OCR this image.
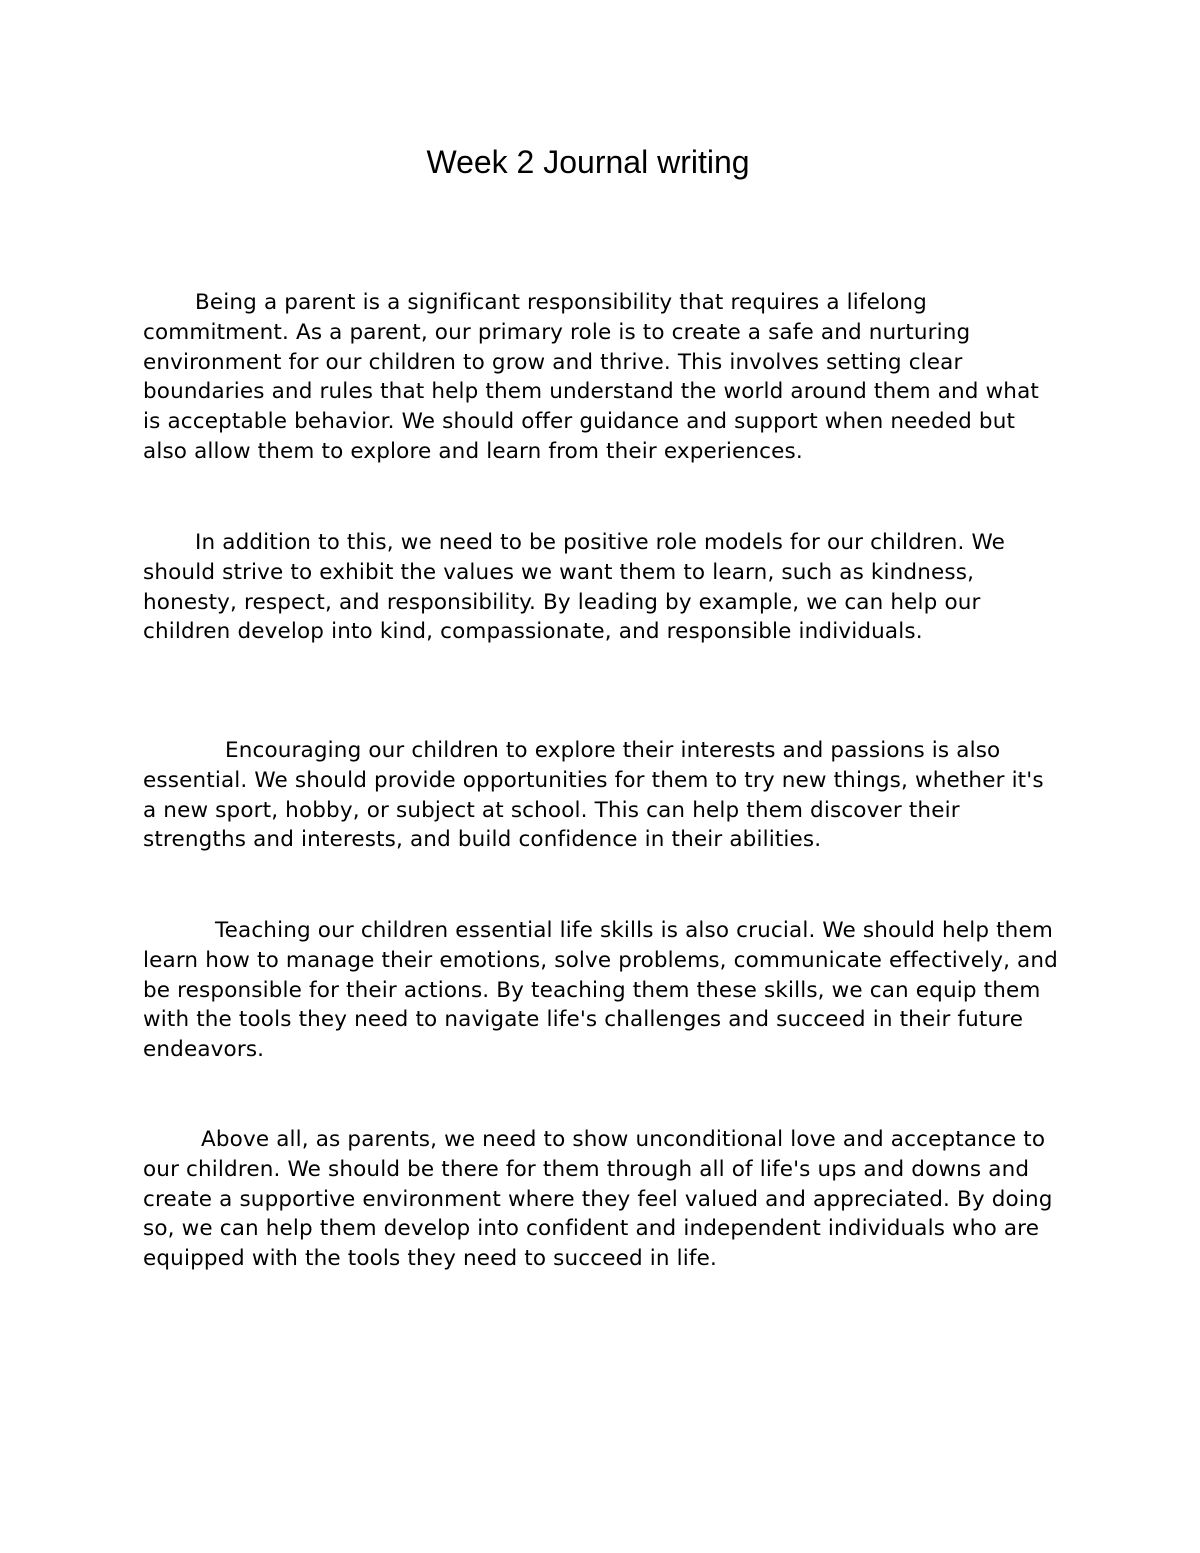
Week 2 Journal writing

Being a parent is a significant responsibility that requires a lifelong commitment. As a parent, our primary role is to create a safe and nurturing environment for our children to grow and thrive. This involves setting clear boundaries and rules that help them understand the world around them and what is acceptable behavior. We should offer guidance and support when needed but also allow them to explore and learn from their experiences.

In addition to this, we need to be positive role models for our children. We should strive to exhibit the values we want them to learn, such as kindness, honesty, respect, and responsibility. By leading by example, we can help our children develop into kind, compassionate, and responsible individuals.

Encouraging our children to explore their interests and passions is also essential. We should provide opportunities for them to try new things, whether it's a new sport, hobby, or subject at school. This can help them discover their strengths and interests, and build confidence in their abilities.

Teaching our children essential life skills is also crucial. We should help them learn how to manage their emotions, solve problems, communicate effectively, and be responsible for their actions. By teaching them these skills, we can equip them with the tools they need to navigate life's challenges and succeed in their future endeavors.

Above all, as parents, we need to show unconditional love and acceptance to our children. We should be there for them through all of life's ups and downs and create a supportive environment where they feel valued and appreciated. By doing so, we can help them develop into confident and independent individuals who are equipped with the tools they need to succeed in life.
